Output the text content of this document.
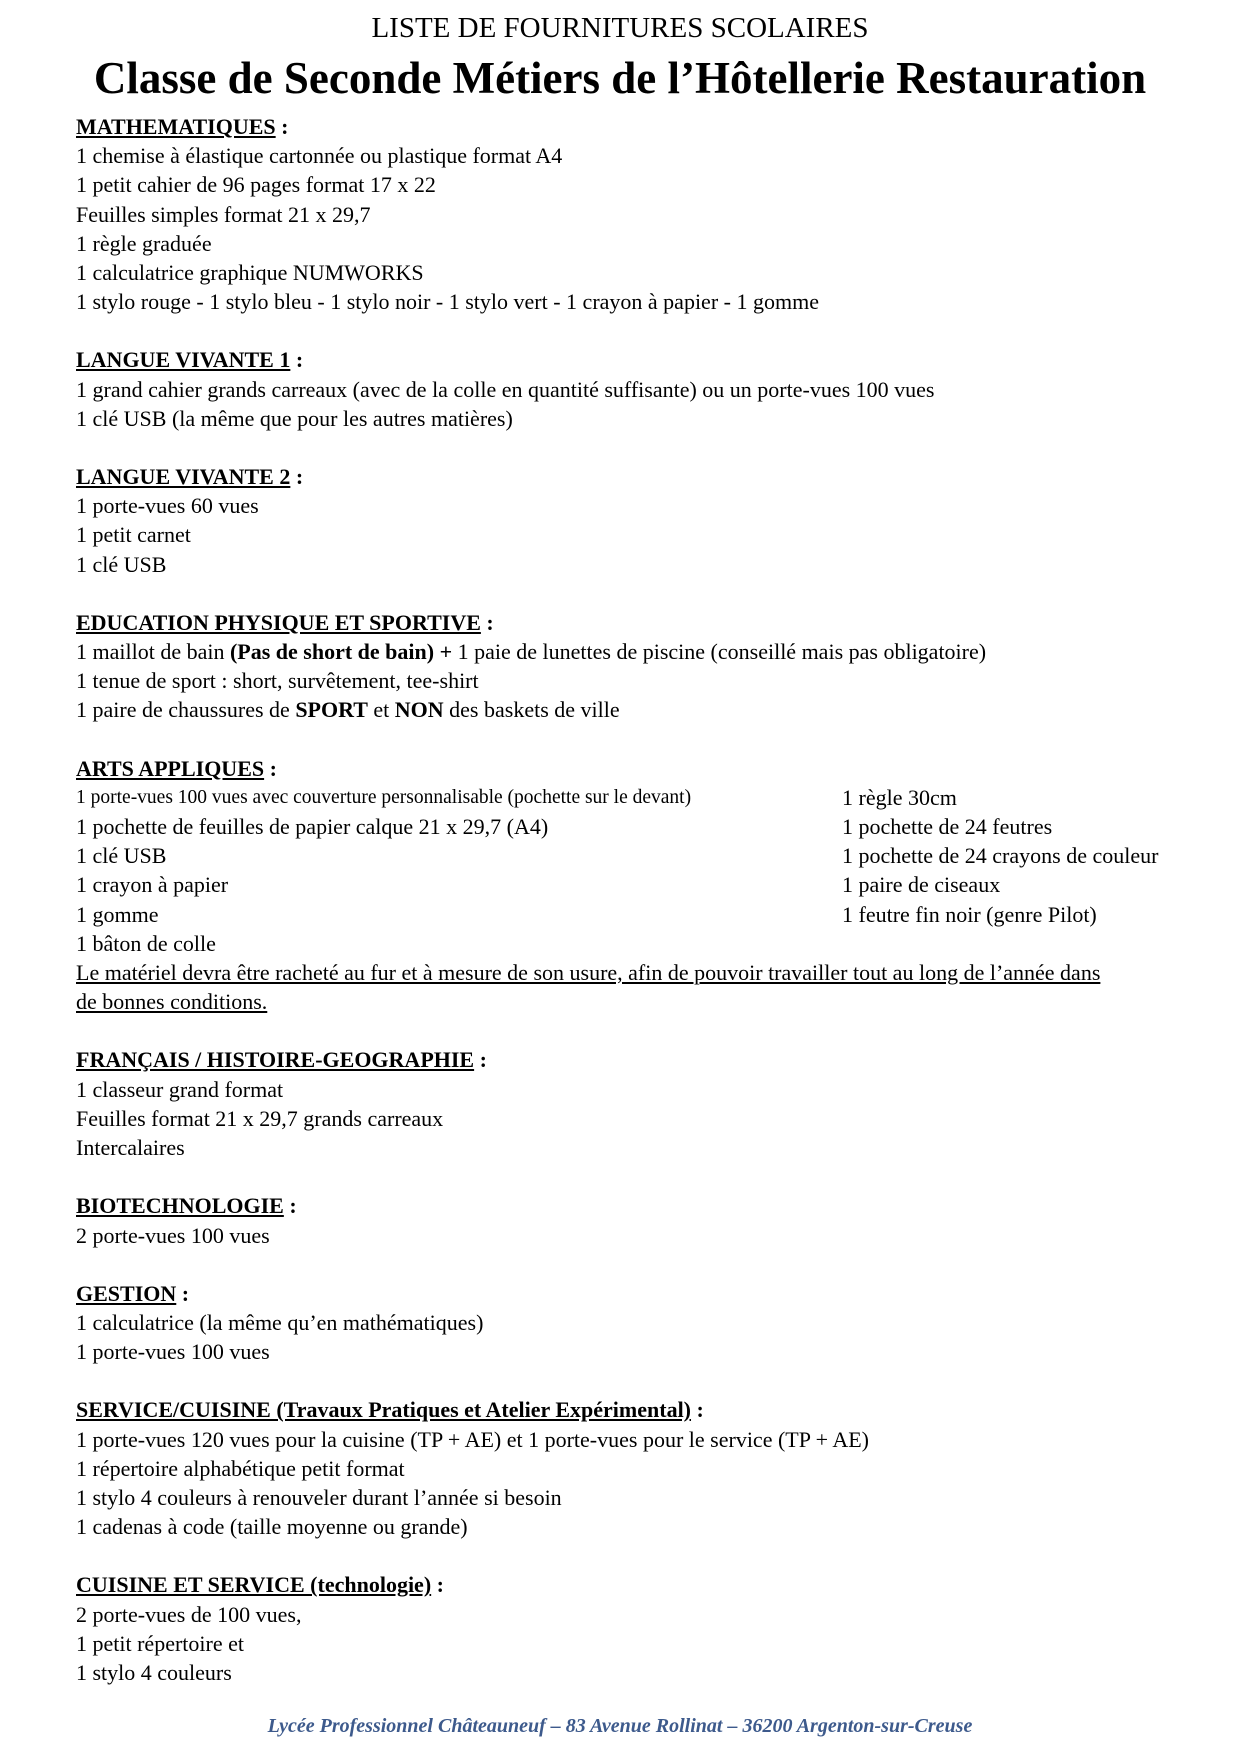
LISTE DE FOURNITURES SCOLAIRES
Classe de Seconde Métiers de l’Hôtellerie Restauration
MATHEMATIQUES :
1 chemise à élastique cartonnée ou plastique format A4
1 petit cahier de 96 pages format 17 x 22
Feuilles simples format 21 x 29,7
1 règle graduée
1 calculatrice graphique NUMWORKS
1 stylo rouge - 1 stylo bleu - 1 stylo noir - 1 stylo vert - 1 crayon à papier - 1 gomme
LANGUE VIVANTE 1 :
1 grand cahier grands carreaux (avec de la colle en quantité suffisante) ou un porte-vues 100 vues
1 clé USB (la même que pour les autres matières)
LANGUE VIVANTE 2 :
1 porte-vues 60 vues
1 petit carnet
1 clé USB
EDUCATION PHYSIQUE ET SPORTIVE :
1 maillot de bain (Pas de short de bain) + 1 paie de lunettes de piscine (conseillé mais pas obligatoire)
1 tenue de sport : short, survêtement, tee-shirt
1 paire de chaussures de SPORT et NON des baskets de ville
ARTS APPLIQUES :
1 porte-vues 100 vues avec couverture personnalisable (pochette sur le devant)
1 pochette de feuilles de papier calque 21 x 29,7 (A4)
1 clé USB
1 crayon à papier
1 gomme
1 bâton de colle
1 règle 30cm
1 pochette de 24 feutres
1 pochette de 24 crayons de couleur
1 paire de ciseaux
1 feutre fin noir (genre Pilot)
Le matériel devra être racheté au fur et à mesure de son usure, afin de pouvoir travailler tout au long de l’année dans de bonnes conditions.
FRANÇAIS / HISTOIRE-GEOGRAPHIE :
1 classeur grand format
Feuilles format 21 x 29,7 grands carreaux
Intercalaires
BIOTECHNOLOGIE :
2 porte-vues 100 vues
GESTION :
1 calculatrice (la même qu’en mathématiques)
1 porte-vues 100 vues
SERVICE/CUISINE (Travaux Pratiques et Atelier Expérimental) :
1 porte-vues 120 vues pour la cuisine (TP + AE) et 1 porte-vues pour le service (TP + AE)
1 répertoire alphabétique petit format
1 stylo 4 couleurs à renouveler durant l’année si besoin
1 cadenas à code (taille moyenne ou grande)
CUISINE ET SERVICE (technologie) :
2 porte-vues de 100 vues,
1 petit répertoire et
1 stylo 4 couleurs
Lycée Professionnel Châteauneuf – 83 Avenue Rollinat – 36200 Argenton-sur-Creuse
